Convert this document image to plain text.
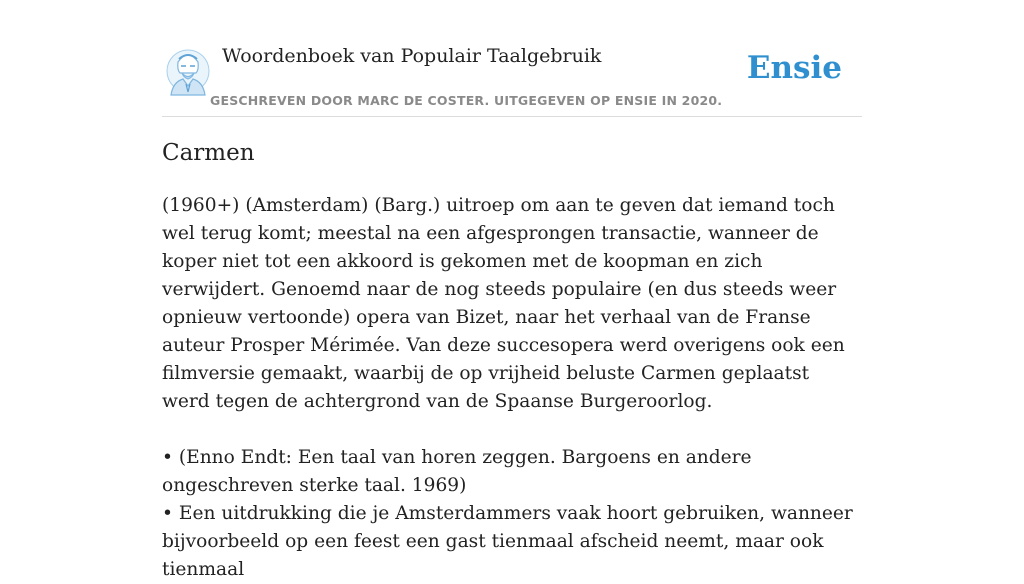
Woordenboek van Populair Taalgebruik
GESCHREVEN DOOR MARC DE COSTER. UITGEGEVEN OP ENSIE IN 2020.
Ensie
Carmen

(1960+) (Amsterdam) (Barg.) uitroep om aan te geven dat iemand toch wel terug komt; meestal na een afgesprongen transactie, wanneer de koper niet tot een akkoord is gekomen met de koopman en zich verwijdert. Genoemd naar de nog steeds populaire (en dus steeds weer opnieuw vertoonde) opera van Bizet, naar het verhaal van de Franse auteur Prosper Mérimée. Van deze succesopera werd overigens ook een filmversie gemaakt, waarbij de op vrijheid beluste Carmen geplaatst werd tegen de achtergrond van de Spaanse Burgeroorlog.

• (Enno Endt: Een taal van horen zeggen. Bargoens en andere ongeschreven sterke taal. 1969)

• Een uitdrukking die je Amsterdammers vaak hoort gebruiken, wanneer bijvoorbeeld op een feest een gast tienmaal afscheid neemt, maar ook tienmaal
